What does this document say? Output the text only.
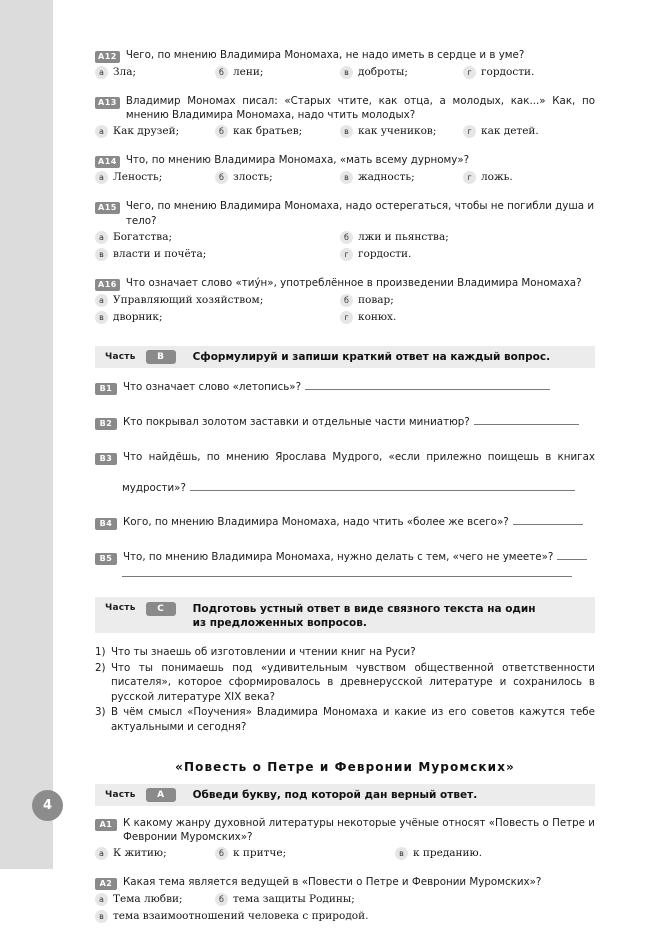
4
A12 Чего, по мнению Владимира Мономаха, не надо иметь в сердце и в уме?
а Зла;	б лени;	в доброты;	г гордости.
A13 Владимир Мономах писал: «Старых чтите, как отца, а молодых, как...» Как, по мнению Владимира Мономаха, надо чтить молодых?
а Как друзей;	б как братьев;	в как учеников;	г как детей.
A14 Что, по мнению Владимира Мономаха, «мать всему дурному»?
а Леность;	б злость;	в жадность;	г ложь.
A15 Чего, по мнению Владимира Мономаха, надо остерегаться, чтобы не погибли душа и тело?
а Богатства;	б лжи и пьянства;
в власти и почёта;	г гордости.
A16 Что означает слово «тиу́н», употреблённое в произведении Владимира Мономаха?
а Управляющий хозяйством;	б повар;
в дворник;	г конюх.
Часть	B	Сформулируй и запиши краткий ответ на каждый вопрос.
B1	Что означает слово «летопись»?
B2	Кто покрывал золотом заставки и отдельные части миниатюр?
B3	Что найдёшь, по мнению Ярослава Мудрого, «если прилежно поищешь в книгах
мудрости»?
B4	Кого, по мнению Владимира Мономаха, надо чтить «более же всего»?
B5	Что, по мнению Владимира Мономаха, нужно делать с тем, «чего не умеете»?
Часть	C	Подготовь устный ответ в виде связного текста на один
из предложенных вопросов.
1) Что ты знаешь об изготовлении и чтении книг на Руси?
2) Что ты понимаешь под «удивительным чувством общественной ответственности писателя», которое сформировалось в древнерусской литературе и сохранилось в русской литературе XIX века?
3) В чём смысл «Поучения» Владимира Мономаха и какие из его советов кажутся тебе актуальными и сегодня?
«Повесть о Петре и Февронии Муромских»
Часть	A	Обведи букву, под которой дан верный ответ.
A1	К какому жанру духовной литературы некоторые учёные относят «Повесть о Петре и Февронии Муромских»?
а К житию;	б к притче;	в к преданию.
A2	Какая тема является ведущей в «Повести о Петре и Февронии Муромских»?
а Тема любви;	б тема защиты Родины;
в тема взаимоотношений человека с природой.
